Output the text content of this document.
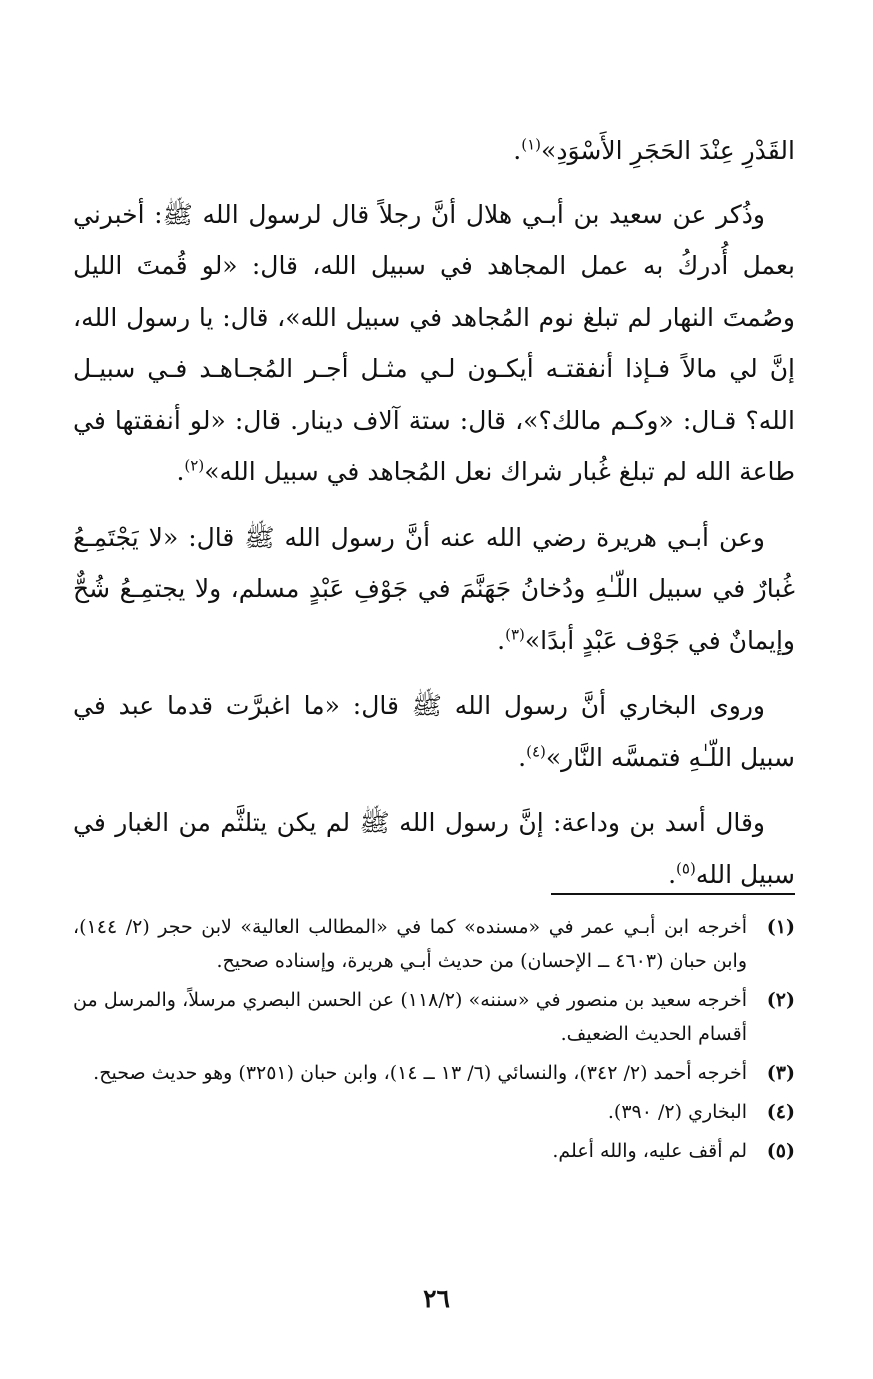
القَدْرِ عِنْدَ الحَجَرِ الأَسْوَدِ»$^{(١)}$.

وذُكر عن سعيد بن أبـي هلال أنَّ رجلاً قال لرسول الله ﷺ: أخبرني بعمل أُدركُ به عمل المجاهد في سبيل الله، قال: «لو قُمتَ الليل وصُمتَ النهار لم تبلغ نوم المُجاهد في سبيل الله»، قال: يا رسول الله، إنَّ لي مالاً فـإذا أنفقتـه أيكـون لـي مثـل أجـر المُجـاهـد فـي سبيـل الله؟ قـال: «وكـم مالك؟»، قال: ستة آلاف دينار. قال: «لو أنفقتها في طاعة الله لم تبلغ غُبار شراك نعل المُجاهد في سبيل الله»$^{(٢)}$.

وعن أبـي هريرة رضي الله عنه أنَّ رسول الله ﷺ قال: «لا يَجْتَمِـعُ غُبارٌ في سبيل اللّـٰهِ ودُخانُ جَهَنَّمَ في جَوْفِ عَبْدٍ مسلم، ولا يجتمِـعُ شُحٌّ وإيمانٌ في جَوْف عَبْدٍ أبدًا»$^{(٣)}$.

وروى البخاري أنَّ رسول الله ﷺ قال: «ما اغبرَّت قدما عبد في سبيل اللّـٰهِ فتمسَّه النَّار»$^{(٤)}$.

وقال أسد بن وداعة: إنَّ رسول الله ﷺ لم يكن يتلثَّم من الغبار في سبيل الله$^{(٥)}$.

(١)
أخرجه ابن أبـي عمر في «مسنده» كما في «المطالب العالية» لابن حجر (٢/ ١٤٤)، وابن حبان (٤٦٠٣ ــ الإحسان) من حديث أبـي هريرة، وإسناده صحيح.
(٢)
أخرجه سعيد بن منصور في «سننه» (١١٨/٢) عن الحسن البصري مرسلاً، والمرسل من أقسام الحديث الضعيف.
(٣)
أخرجه أحمد (٢/ ٣٤٢)، والنسائي (٦/ ١٣ ــ ١٤)، وابن حبان (٣٢٥١) وهو حديث صحيح.
(٤)
البخاري (٢/ ٣٩٠).
(٥)
لم أقف عليه، والله أعلم.
٢٦
